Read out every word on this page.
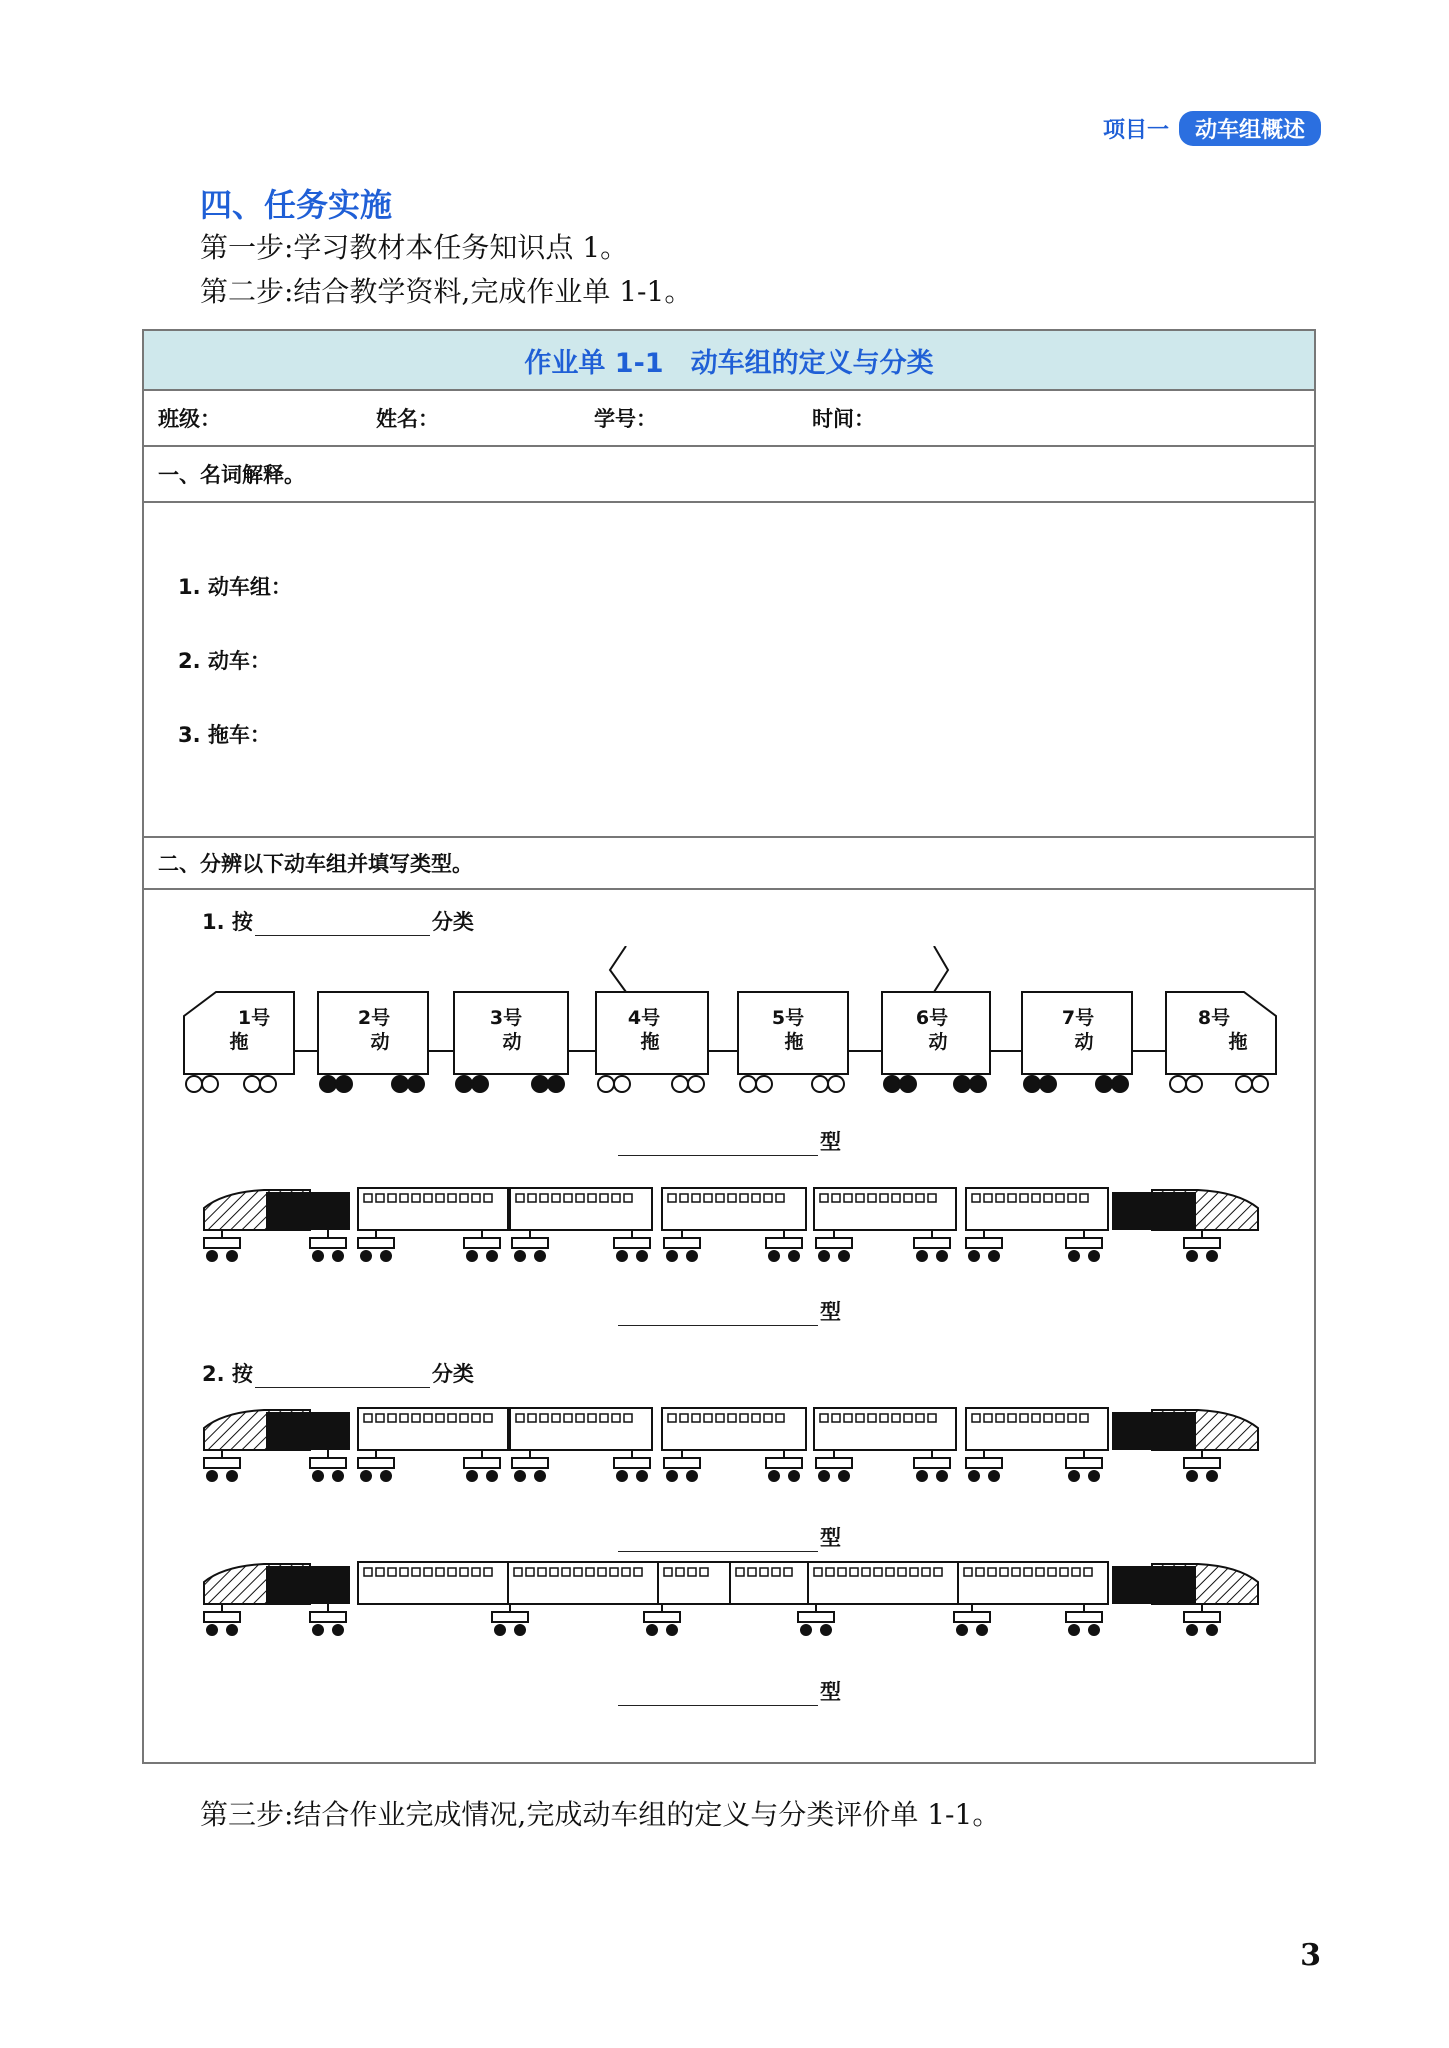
项目一	动车组概述
四、任务实施
第一步:学习教材本任务知识点 1。
第二步:结合教学资料,完成作业单 1-1。
作业单 1-1　动车组的定义与分类
班级：	姓名：	学号：	时间：
一、名词解释。
1. 动车组：
2. 动车：
3. 拖车：
二、分辨以下动车组并填写类型。
1. 按	分类
1号
拖
2号
动
3号
动
4号
拖
5号
拖
6号
动
7号
动
8号
拖
型
型
2. 按	分类
型
型
第三步:结合作业完成情况,完成动车组的定义与分类评价单 1-1。
3
